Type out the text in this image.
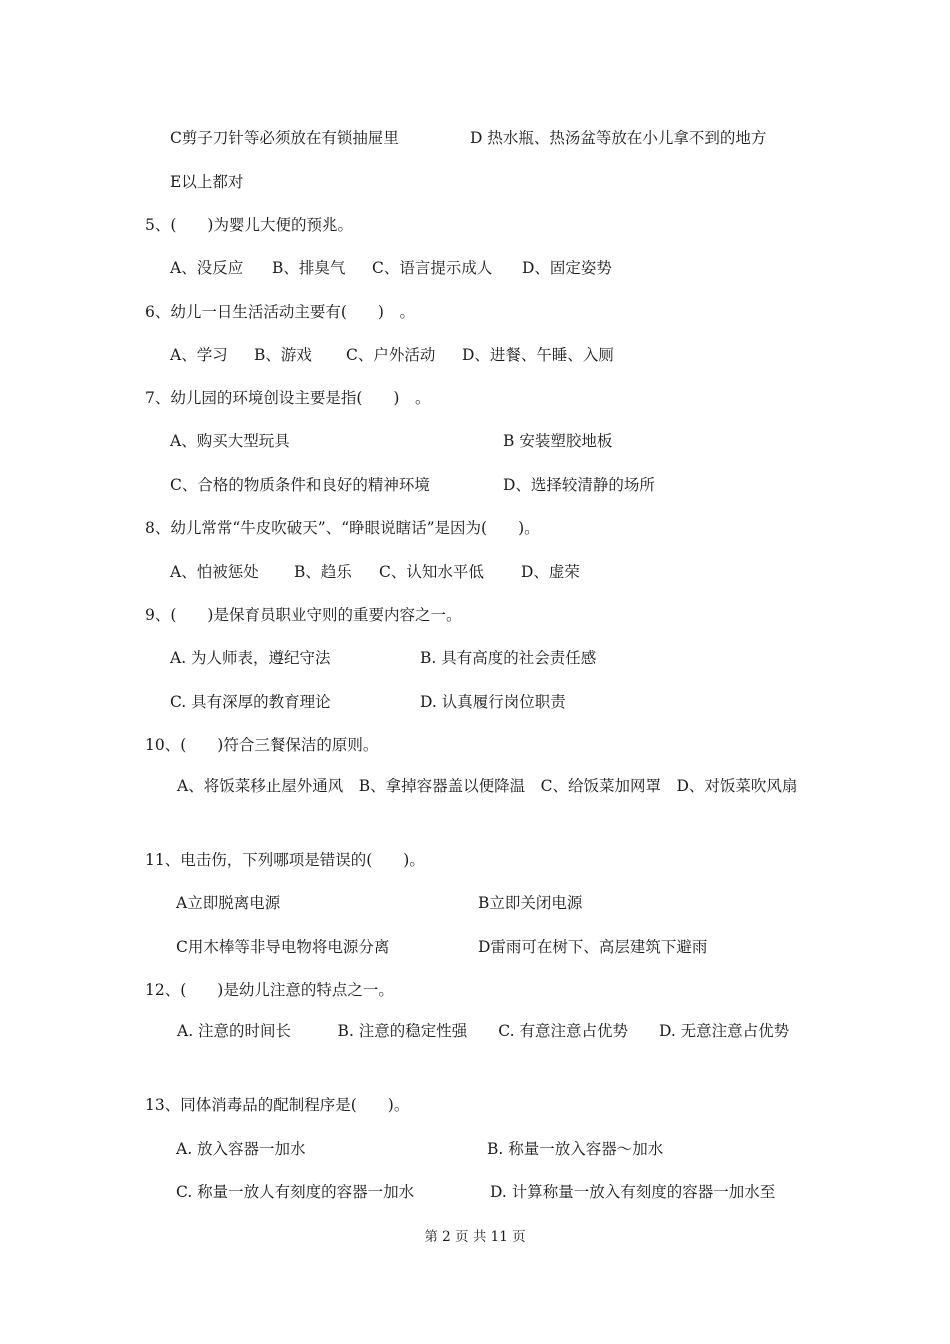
C剪子刀针等必须放在有锁抽屉里	D 热水瓶、热汤盆等放在小儿拿不到的地方
E以上都对
5、(　　)为婴儿大便的预兆。
A、没反应 B、排臭气 C、语言提示成人 D、固定姿势
6、幼儿一日生活活动主要有(　　)　。
A、学习 B、游戏 C、户外活动 D、进餐、午睡、入厕
7、幼儿园的环境创设主要是指(　　)　。
A、购买大型玩具	B 安装塑胶地板
C、合格的物质条件和良好的精神环境	D、选择较清静的场所
8、幼儿常常“牛皮吹破天”、“睁眼说瞎话”是因为(　　)。
A、怕被惩处 B、趋乐 C、认知水平低 D、虚荣
9、(　　)是保育员职业守则的重要内容之一。
A. 为人师表，遵纪守法	B. 具有高度的社会责任感
C. 具有深厚的教育理论	D. 认真履行岗位职责
10、(　　)符合三餐保洁的原则。
A、将饭菜移止屋外通风　B、拿掉容器盖以便降温　C、给饭菜加网罩　D、对饭菜吹风扇
11、电击伤，下列哪项是错误的(　　)。
A立即脱离电源	B立即关闭电源
C用木棒等非导电物将电源分离	D雷雨可在树下、高层建筑下避雨
12、(　　)是幼儿注意的特点之一。
A. 注意的时间长　　　B. 注意的稳定性强　　C. 有意注意占优势　　D. 无意注意占优势
13、同体消毒品的配制程序是(　　)。
A. 放入容器一加水	B. 称量一放入容器～加水
C. 称量一放人有刻度的容器一加水	D. 计算称量一放入有刻度的容器一加水至
第 2 页 共 11 页
